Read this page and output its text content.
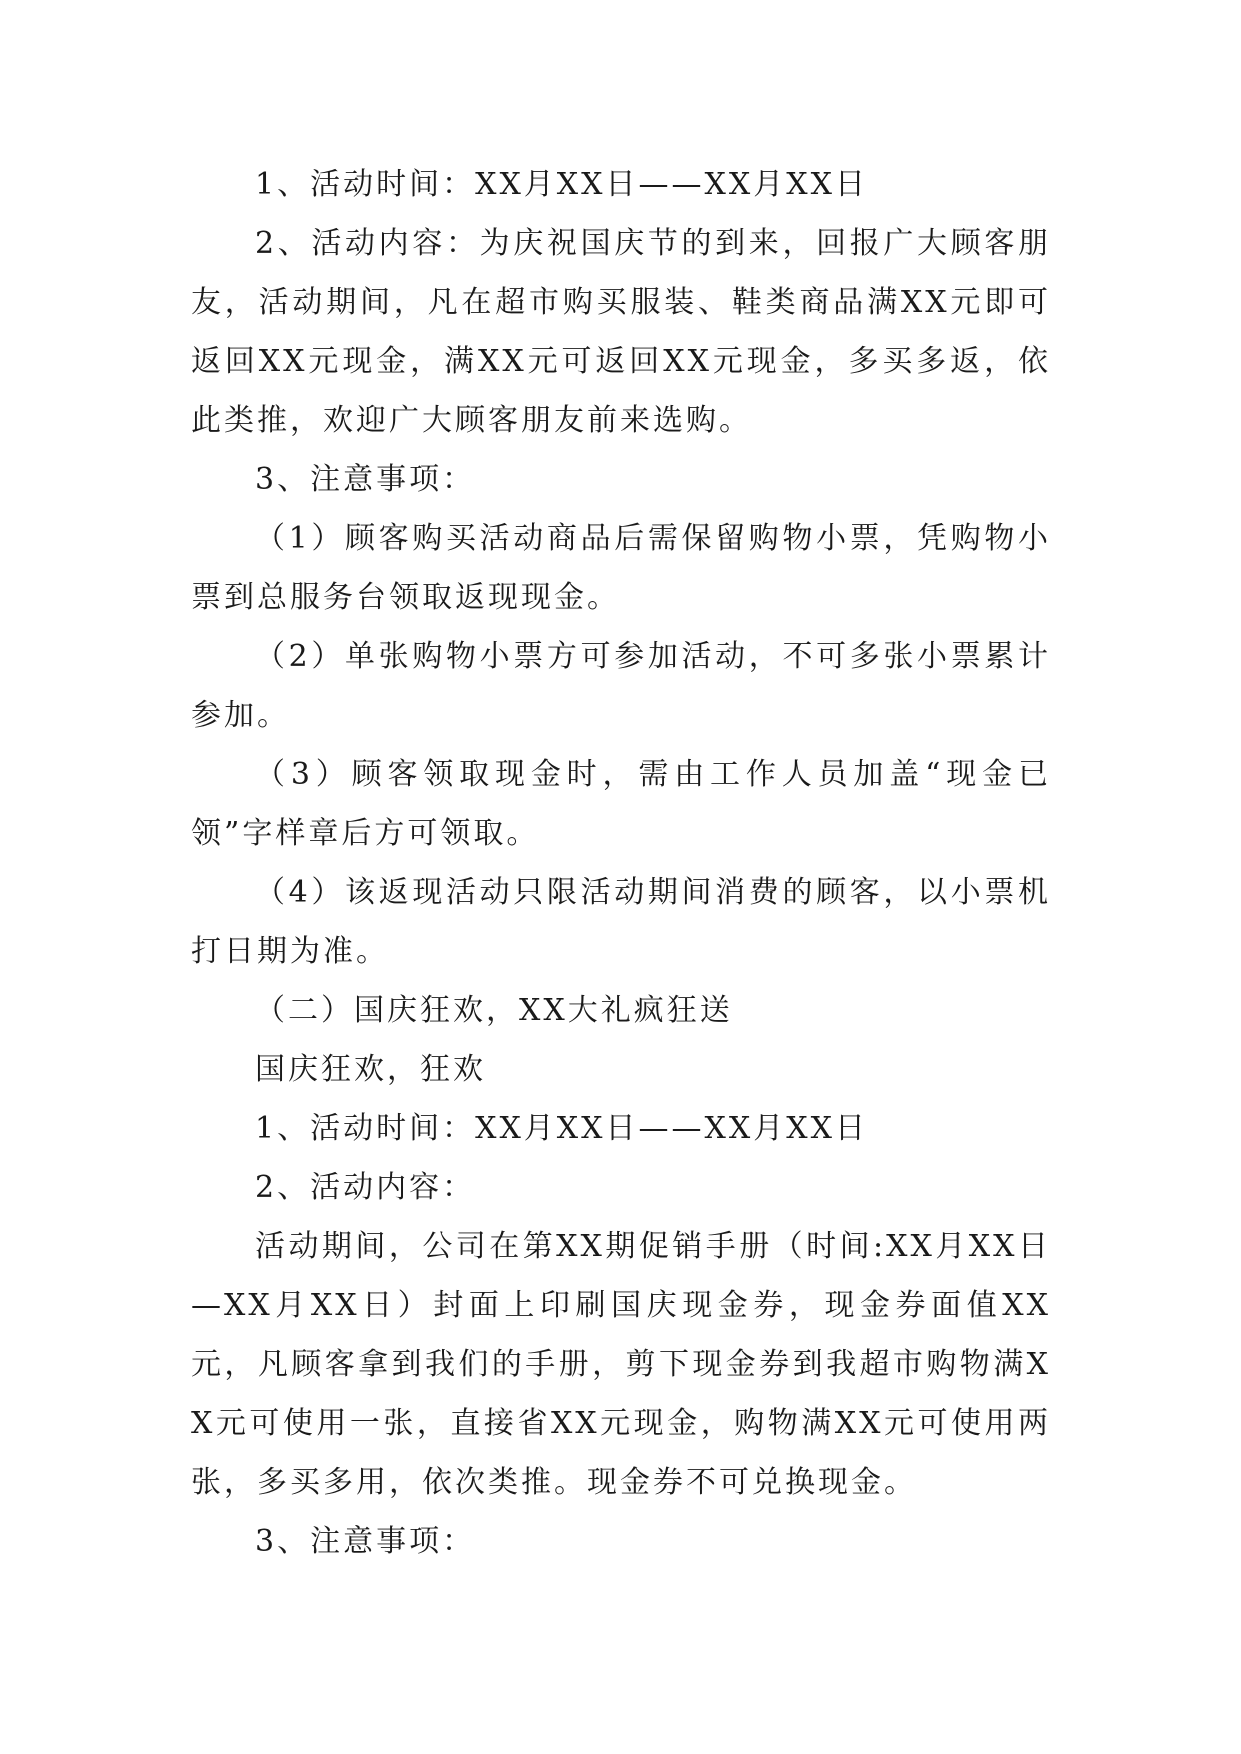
1、活动时间：XX月XX日——XX月XX日

2、活动内容：为庆祝国庆节的到来，回报广大顾客朋友，活动期间，凡在超市购买服装、鞋类商品满XX元即可返回XX元现金，满XX元可返回XX元现金，多买多返，依此类推，欢迎广大顾客朋友前来选购。

3、注意事项：

（1）顾客购买活动商品后需保留购物小票，凭购物小票到总服务台领取返现现金。

（2）单张购物小票方可参加活动，不可多张小票累计参加。

（3）顾客领取现金时，需由工作人员加盖“现金已领”字样章后方可领取。

（4）该返现活动只限活动期间消费的顾客，以小票机打日期为准。

（二）国庆狂欢，XX大礼疯狂送

国庆狂欢，狂欢

1、活动时间：XX月XX日——XX月XX日

2、活动内容：

活动期间，公司在第XX期促销手册（时间:XX月XX日—XX月XX日）封面上印刷国庆现金券，现金券面值XX元，凡顾客拿到我们的手册，剪下现金券到我超市购物满XX元可使用一张，直接省XX元现金，购物满XX元可使用两张，多买多用，依次类推。现金券不可兑换现金。

3、注意事项：
